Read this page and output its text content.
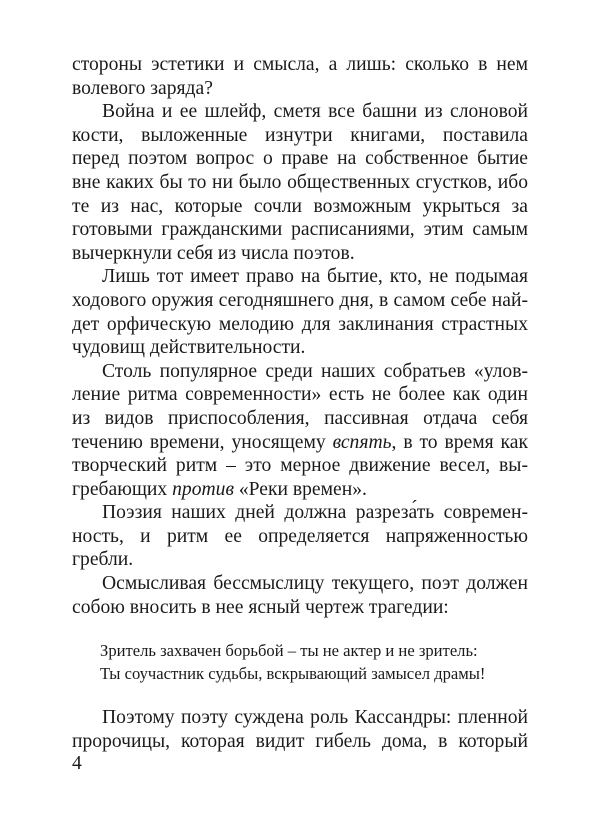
стороны эстетики и смысла, а лишь: сколько в нем
волевого заряда?

Война и ее шлейф, сметя все башни из слоновой
кости, выложенные изнутри книгами, поставила
перед поэтом вопрос о праве на собственное бытие
вне каких бы то ни было общественных сгустков, ибо
те из нас, которые сочли возможным укрыться за
готовыми гражданскими расписаниями, этим самым
вычеркнули себя из числа поэтов.

Лишь тот имеет право на бытие, кто, не подымая
ходового оружия сегодняшнего дня, в самом себе най-
дет орфическую мелодию для заклинания страстных
чудовищ действительности.

Столь популярное среди наших собратьев «улов-
ление ритма современности» есть не более как один
из видов приспособления, пассивная отдача себя
течению времени, уносящему вспять, в то время как
творческий ритм – это мерное движение весел, вы-
гребающих против «Реки времен».

Поэзия наших дней должна разреза́ть современ-
ность, и ритм ее определяется напряженностью
гребли.

Осмысливая бессмыслицу текущего, поэт должен
собою вносить в нее ясный чертеж трагедии:

Зритель захвачен борьбой – ты не актер и не зритель:
Ты соучастник судьбы, вскрывающий замысел драмы!

Поэтому поэту суждена роль Кассандры: пленной
пророчицы, которая видит гибель дома, в который

4
